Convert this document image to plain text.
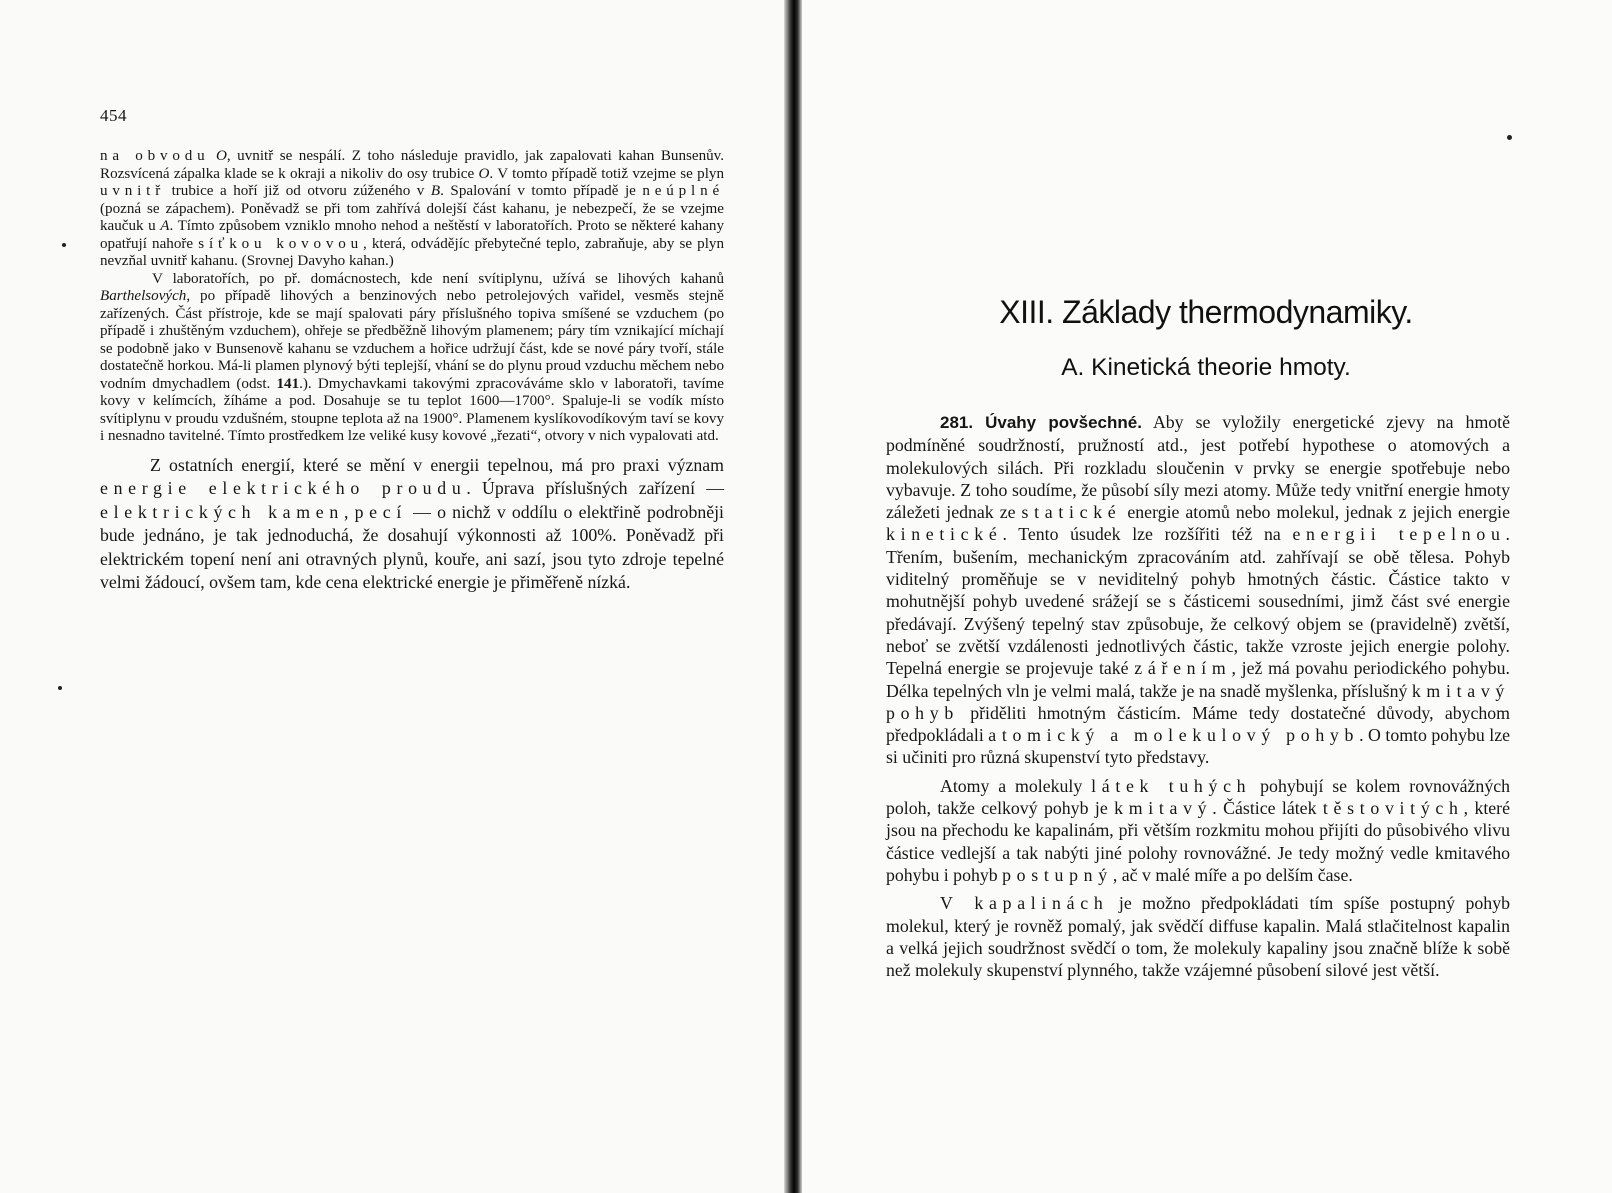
454

na obvodu O, uvnitř se nespálí. Z toho následuje pravidlo, jak zapalovati kahan Bunsenův. Rozsvícená zápalka klade se k okraji a nikoliv do osy trubice O. V tomto případě totiž vzejme se plyn uvnitř trubice a hoří již od otvoru zúženého v B. Spalování v tomto případě je neúplné (pozná se zápachem). Poněvadž se při tom zahřívá dolejší část kahanu, je nebezpečí, že se vzejme kaučuk u A. Tímto způsobem vzniklo mnoho nehod a neštěstí v laboratořích. Proto se některé kahany opatřují nahoře síťkou kovovou, která, odvádějíc přebytečné teplo, zabraňuje, aby se plyn nevzňal uvnitř kahanu. (Srovnej Davyho kahan.)

V laboratořích, po př. domácnostech, kde není svítiplynu, užívá se lihových kahanů Barthelsových, po případě lihových a benzinových nebo petrolejových vařidel, vesměs stejně zařízených. Část přístroje, kde se mají spalovati páry příslušného topiva smíšené se vzduchem (po případě i zhuštěným vzduchem), ohřeje se předběžně lihovým plamenem; páry tím vznikající míchají se podobně jako v Bunsenově kahanu se vzduchem a hořice udržují část, kde se nové páry tvoří, stále dostatečně horkou. Má-li plamen plynový býti teplejší, vhání se do plynu proud vzduchu měchem nebo vodním dmychadlem (odst. 141.). Dmychavkami takovými zpracováváme sklo v laboratoři, tavíme kovy v kelímcích, žíháme a pod. Dosahuje se tu teplot 1600—1700°. Spaluje-li se vodík místo svítiplynu v proudu vzdušném, stoupne teplota až na 1900°. Plamenem kyslíkovodíkovým taví se kovy i nesnadno tavitelné. Tímto prostředkem lze veliké kusy kovové „řezati“, otvory v nich vypalovati atd.

Z ostatních energií, které se mění v energii tepelnou, má pro praxi význam energie elektrického proudu. Úprava příslušných zařízení — elektrických kamen, pecí — o nichž v oddílu o elektřině podrobněji bude jednáno, je tak jednoduchá, že dosahují výkonnosti až 100%. Poněvadž při elektrickém topení není ani otravných plynů, kouře, ani sazí, jsou tyto zdroje tepelné velmi žádoucí, ovšem tam, kde cena elektrické energie je přiměřeně nízká.

XIII. Základy thermodynamiky.
A. Kinetická theorie hmoty.

281. Úvahy povšechné. Aby se vyložily energetické zjevy na hmotě podmíněné soudržností, pružností atd., jest potřebí hypothese o atomových a molekulových silách. Při rozkladu sloučenin v prvky se energie spotřebuje nebo vybavuje. Z toho soudíme, že působí síly mezi atomy. Může tedy vnitřní energie hmoty záležeti jednak ze statické energie atomů nebo molekul, jednak z jejich energie kinetické. Tento úsudek lze rozšířiti též na energii tepelnou. Třením, bušením, mechanickým zpracováním atd. zahřívají se obě tělesa. Pohyb viditelný proměňuje se v neviditelný pohyb hmotných částic. Částice takto v mohutnější pohyb uvedené srážejí se s částicemi sousedními, jimž část své energie předávají. Zvýšený tepelný stav způsobuje, že celkový objem se (pravidelně) zvětší, neboť se zvětší vzdálenosti jednotlivých částic, takže vzroste jejich energie polohy. Tepelná energie se projevuje také zářením, jež má povahu periodického pohybu. Délka tepelných vln je velmi malá, takže je na snadě myšlenka, příslušný kmitavý pohyb přiděliti hmotným částicím. Máme tedy dostatečné důvody, abychom předpokládali atomický a molekulový pohyb. O tomto pohybu lze si učiniti pro různá skupenství tyto představy.

Atomy a molekuly látek tuhých pohybují se kolem rovnovážných poloh, takže celkový pohyb je kmitavý. Částice látek těstovitých, které jsou na přechodu ke kapalinám, při větším rozkmitu mohou přijíti do působivého vlivu částice vedlejší a tak nabýti jiné polohy rovnovážné. Je tedy možný vedle kmitavého pohybu i pohyb postupný, ač v malé míře a po delším čase.

V kapalinách je možno předpokládati tím spíše postupný pohyb molekul, který je rovněž pomalý, jak svědčí diffuse kapalin. Malá stlačitelnost kapalin a velká jejich soudržnost svědčí o tom, že molekuly kapaliny jsou značně blíže k sobě než molekuly skupenství plynného, takže vzájemné působení silové jest větší.
